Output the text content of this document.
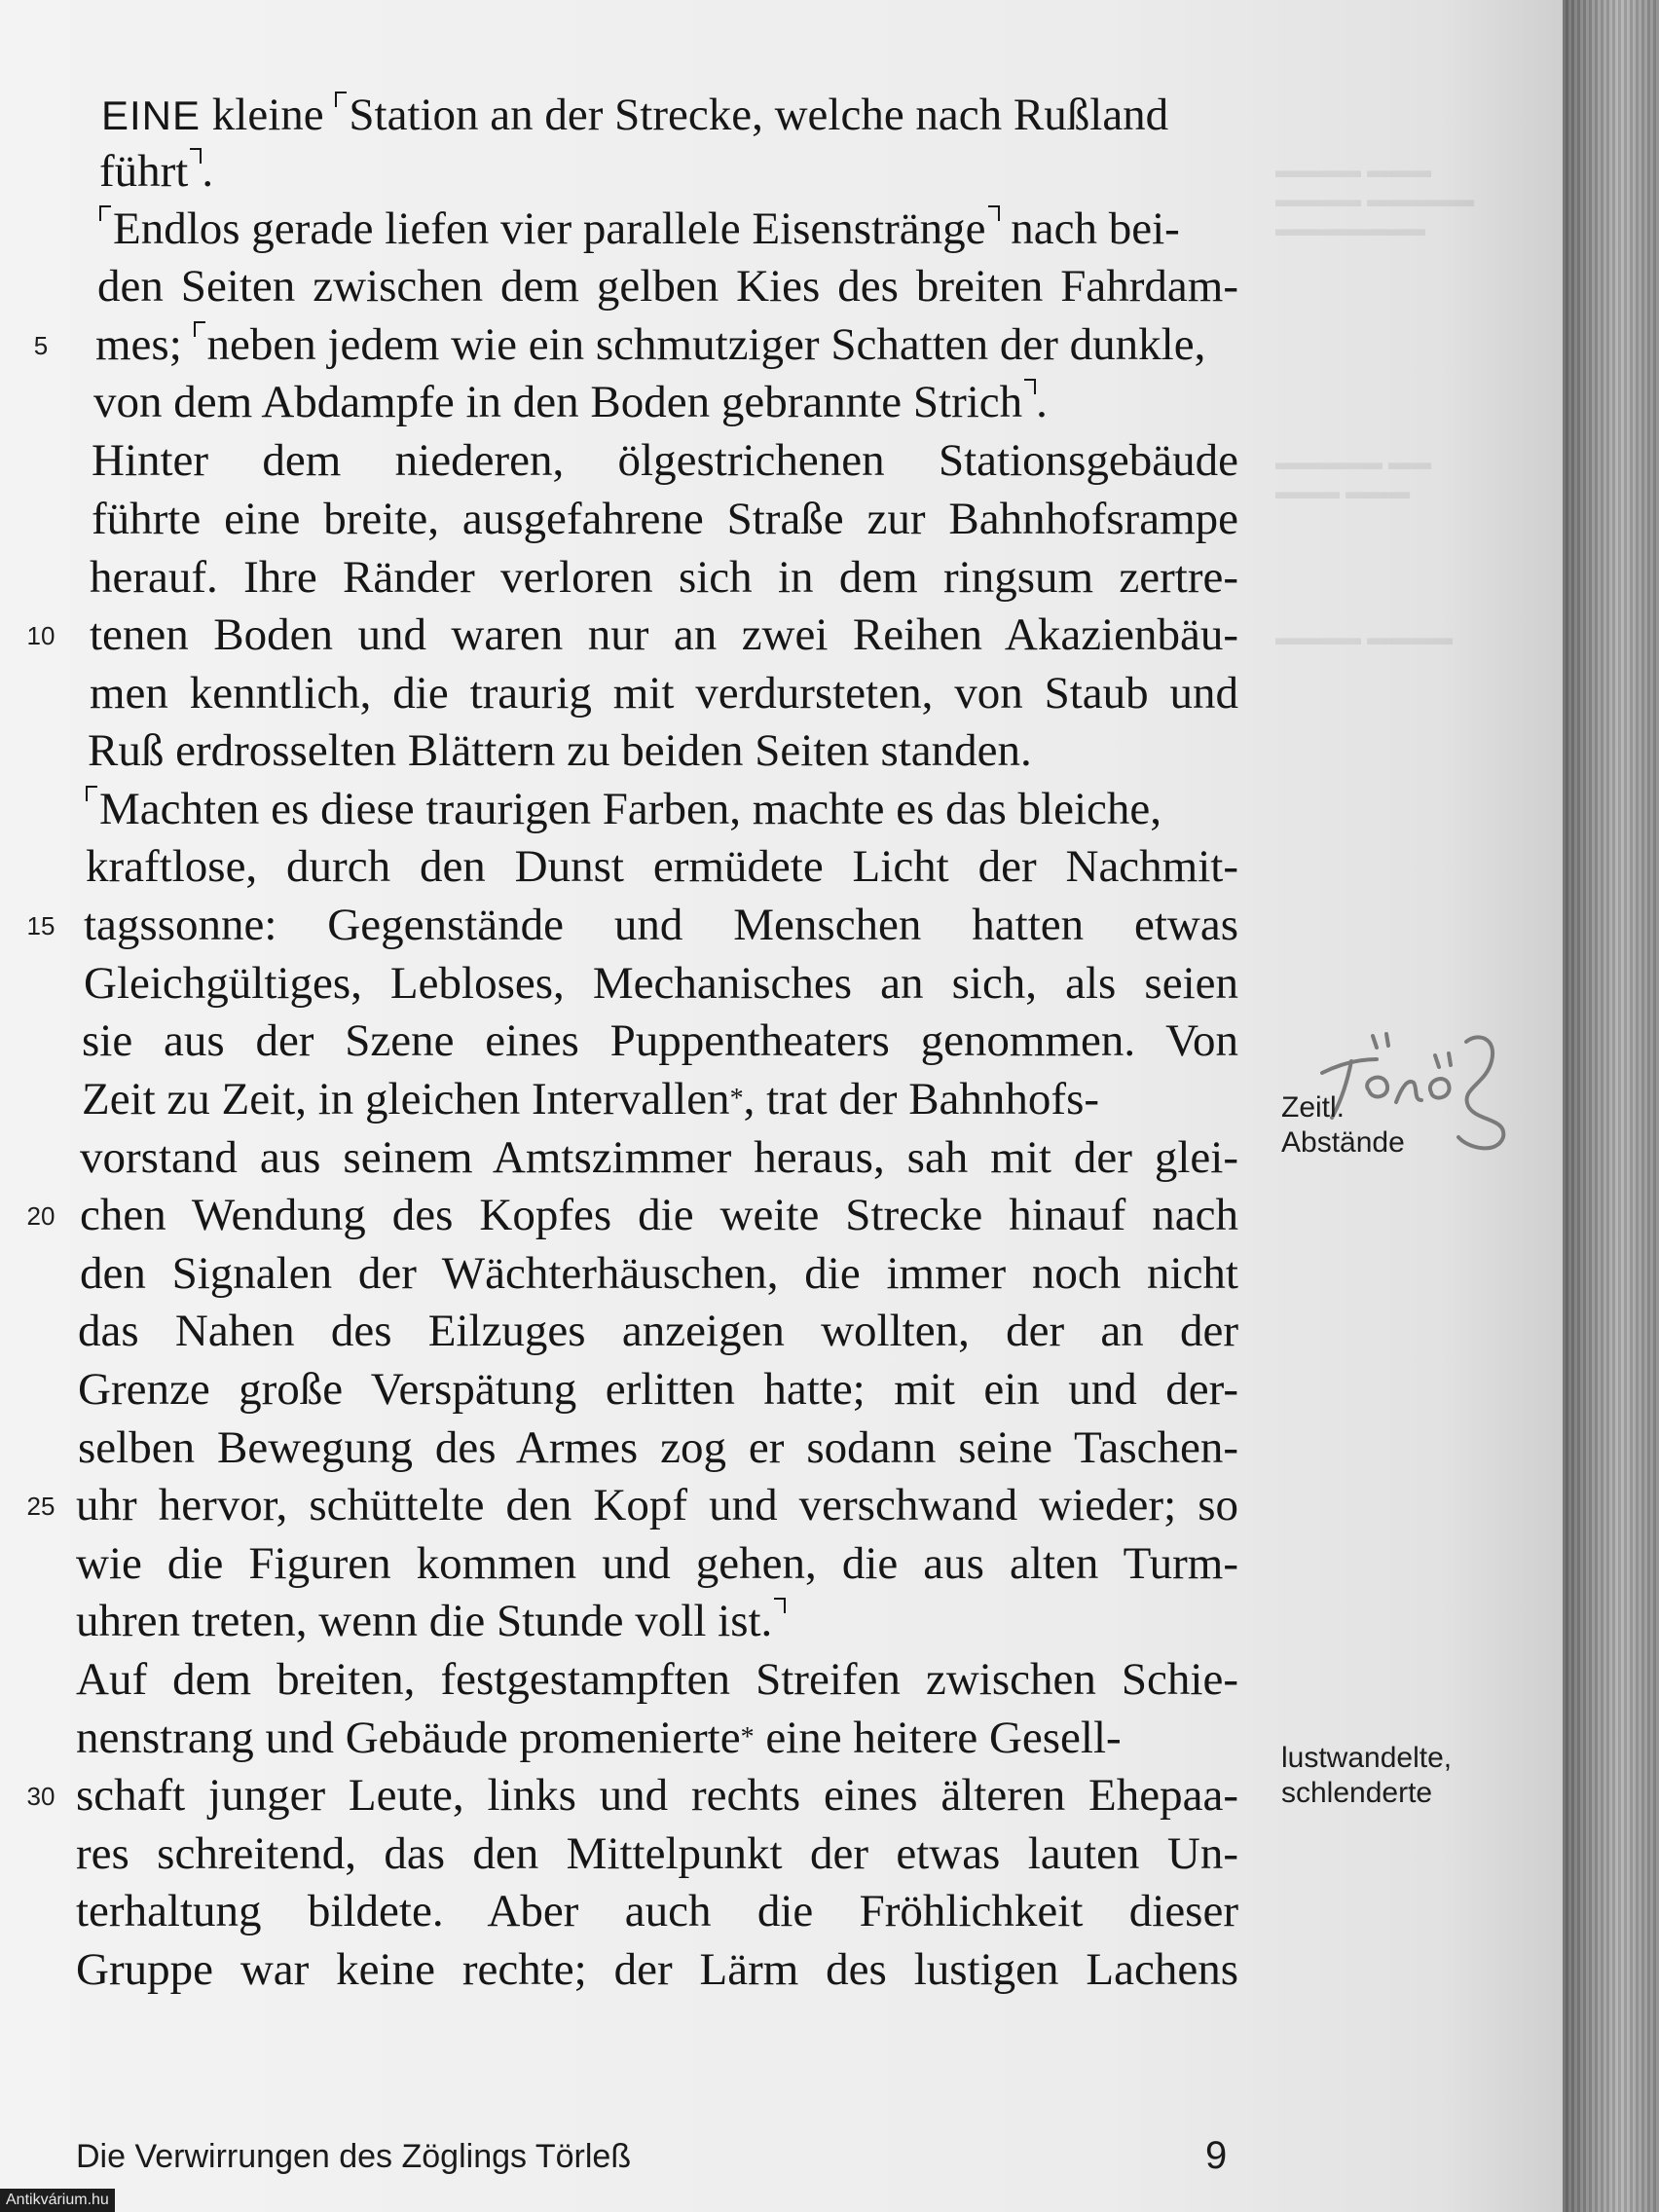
▬▬▬▬ ▬▬▬
▬▬▬▬ ▬▬▬▬▬
▬▬▬▬▬▬▬

▬▬▬▬▬ ▬▬
▬▬▬ ▬▬▬

▬▬▬▬ ▬▬▬▬
EINE kleine Station an der Strecke, welche nach Rußland
führt .
Endlos gerade liefen vier parallele Eisenstränge nach bei-
den Seiten zwischen dem gelben Kies des breiten Fahrdam-
5	mes; neben jedem wie ein schmutziger Schatten der dunkle,
von dem Abdampfe in den Boden gebrannte Strich .
Hinter dem niederen, ölgestrichenen Stationsgebäude
führte eine breite, ausgefahrene Straße zur Bahnhofsrampe
herauf. Ihre Ränder verloren sich in dem ringsum zertre-
10 tenen Boden und waren nur an zwei Reihen Akazienbäu-
men kenntlich, die traurig mit verdursteten, von Staub und
Ruß erdrosselten Blättern zu beiden Seiten standen.
Machten es diese traurigen Farben, machte es das bleiche,
kraftlose, durch den Dunst ermüdete Licht der Nachmit-
15 tagssonne: Gegenstände und Menschen hatten etwas
Gleichgültiges, Lebloses, Mechanisches an sich, als seien
sie aus der Szene eines Puppentheaters genommen. Von
Zeit zu Zeit, in gleichen Intervallen*, trat der Bahnhofs-
vorstand aus seinem Amtszimmer heraus, sah mit der glei-
20 chen Wendung des Kopfes die weite Strecke hinauf nach
den Signalen der Wächterhäuschen, die immer noch nicht
das Nahen des Eilzuges anzeigen wollten, der an der
Grenze große Verspätung erlitten hatte; mit ein und der-
selben Bewegung des Armes zog er sodann seine Taschen-
25 uhr hervor, schüttelte den Kopf und verschwand wieder; so
wie die Figuren kommen und gehen, die aus alten Turm-
uhren treten, wenn die Stunde voll ist.
Auf dem breiten, festgestampften Streifen zwischen Schie-
nenstrang und Gebäude promenierte* eine heitere Gesell-
30 schaft junger Leute, links und rechts eines älteren Ehepaa-
res schreitend, das den Mittelpunkt der etwas lauten Un-
terhaltung bildete. Aber auch die Fröhlichkeit dieser
Gruppe war keine rechte; der Lärm des lustigen Lachens
Zeitl.
Abstände
lustwandelte,
schlenderte
Die Verwirrungen des Zöglings Törleß	9
Antikvárium.hu
